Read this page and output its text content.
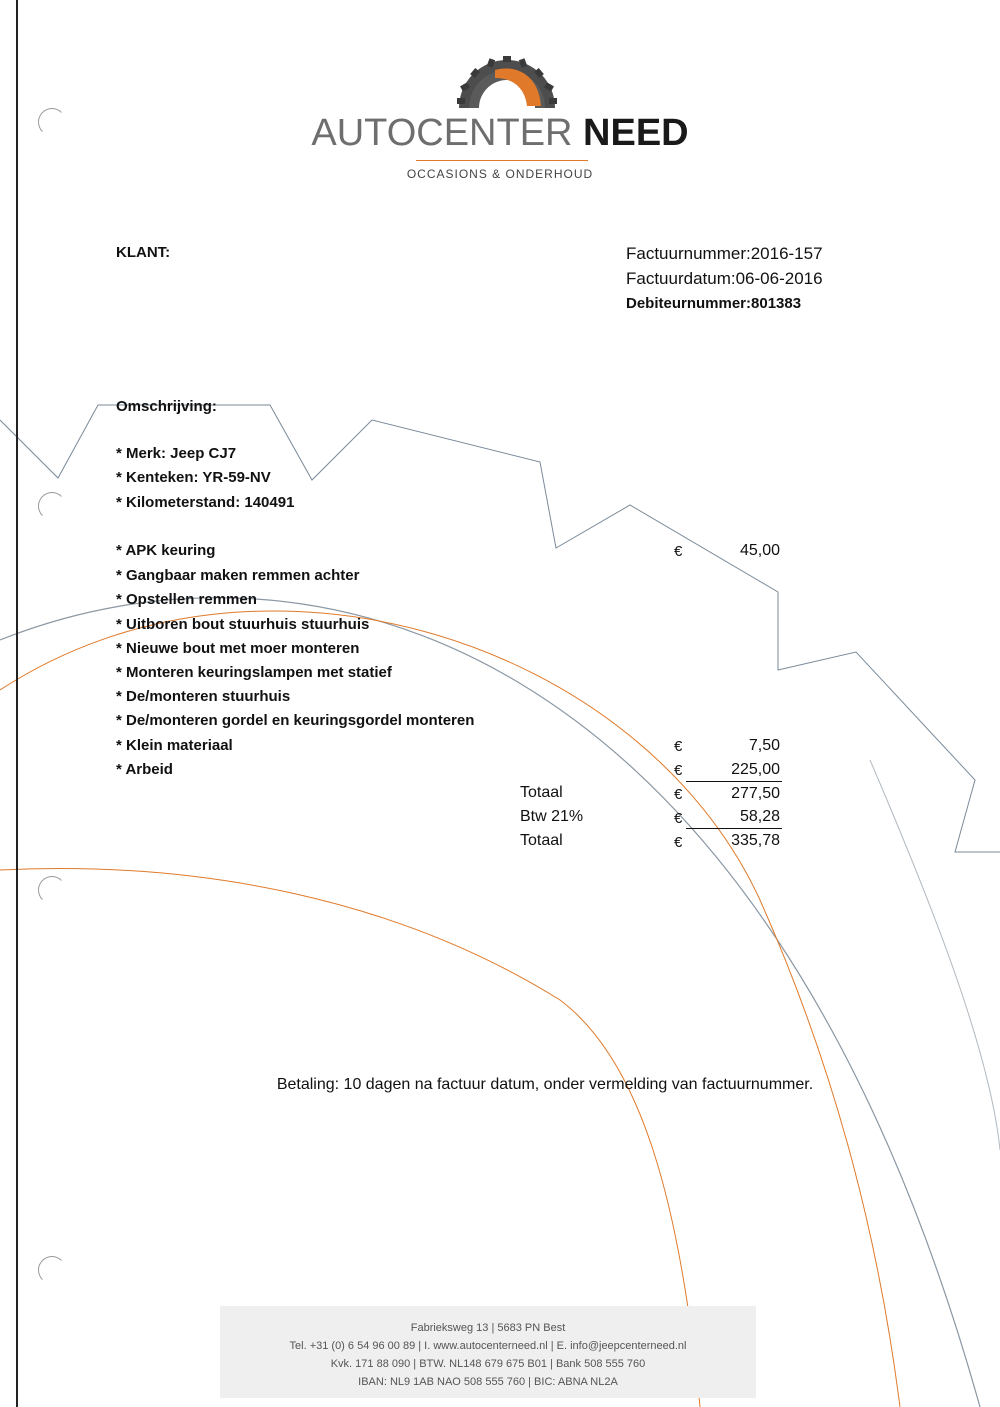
AUTOCENTER NEED
OCCASIONS & ONDERHOUD
KLANT:	Factuurnummer:2016-157
Factuurdatum:06-06-2016
Debiteurnummer:801383
Omschrijving:
* Merk: Jeep CJ7
* Kenteken: YR-59-NV
* Kilometerstand: 140491
* APK keuring	€	45,00
* Gangbaar maken remmen achter
* Opstellen remmen
* Uitboren bout stuurhuis stuurhuis
* Nieuwe bout met moer monteren
* Monteren keuringslampen met statief
* De/monteren stuurhuis
* De/monteren gordel en keuringsgordel monteren
* Klein materiaal	€	7,50
* Arbeid	€	225,00
Totaal	€	277,50
Btw 21%	€	58,28
Totaal	€	335,78
Betaling: 10 dagen na factuur datum, onder vermelding van factuurnummer.
Fabrieksweg 13 | 5683 PN Best
Tel. +31 (0) 6 54 96 00 89 | I. www.autocenterneed.nl | E. info@jeepcenterneed.nl
Kvk. 171 88 090 | BTW. NL148 679 675 B01 | Bank 508 555 760
IBAN: NL9 1AB NAO 508 555 760 | BIC: ABNA NL2A
